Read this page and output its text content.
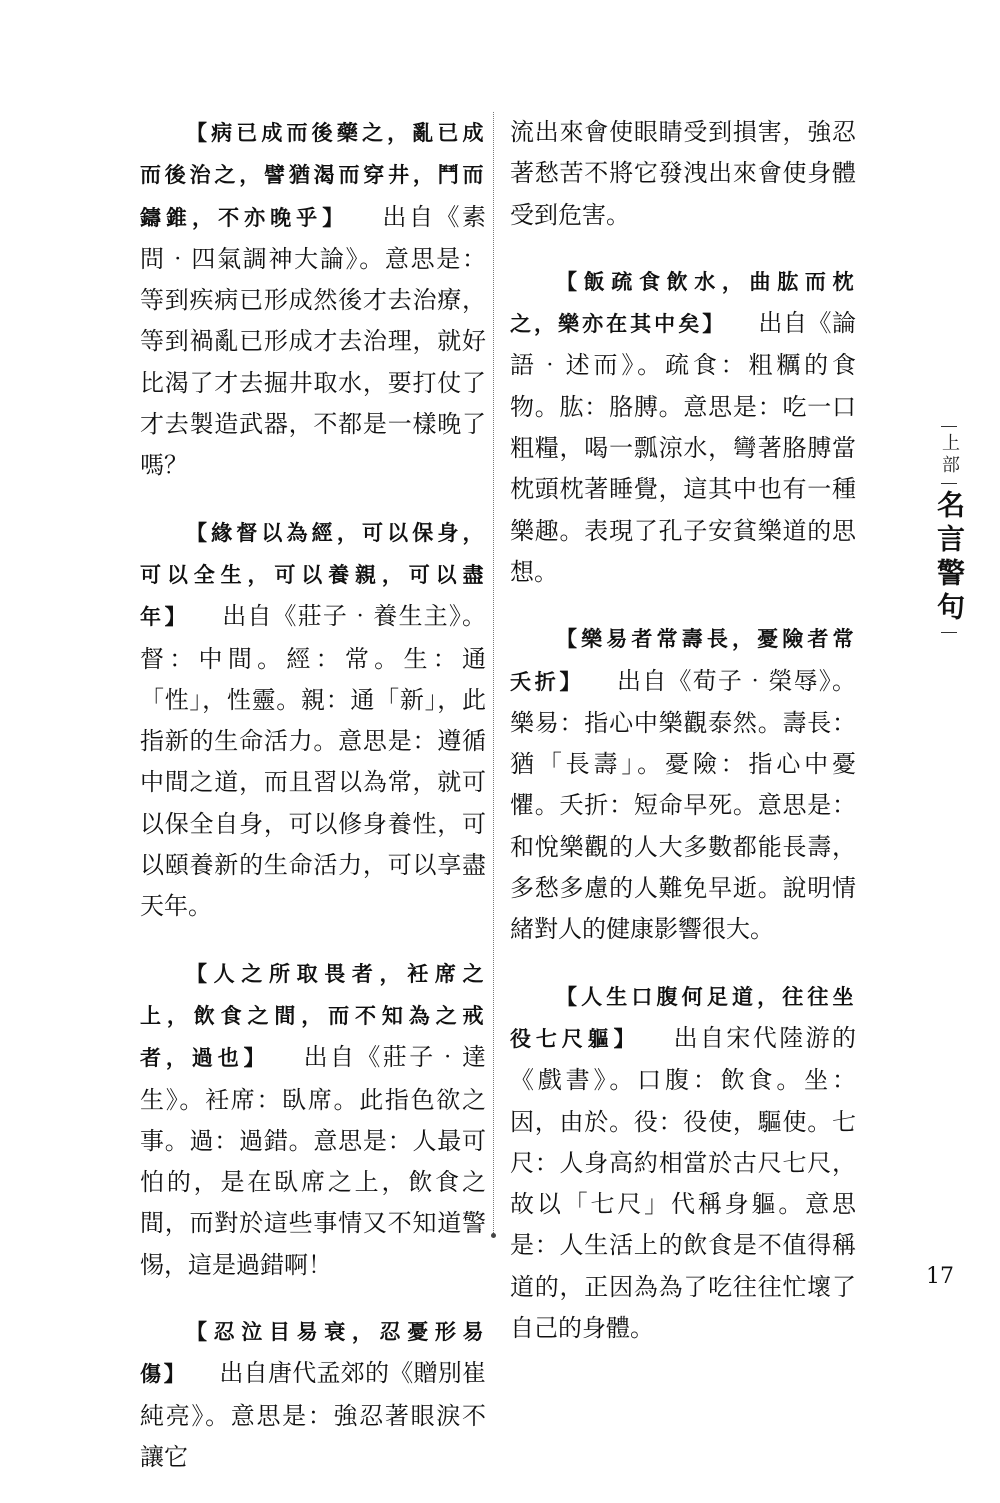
【病已成而後藥之，亂已成而後治之，譬猶渴而穿井，鬥而鑄錐，不亦晚乎】 出自《素問‧四氣調神大論》。意思是：等到疾病已形成然後才去治療，等到禍亂已形成才去治理，就好比渴了才去掘井取水，要打仗了才去製造武器，不都是一樣晚了嗎？

【緣督以為經，可以保身，可以全生，可以養親，可以盡年】 出自《莊子‧養生主》。督：中間。經：常。生：通「性」，性靈。親：通「新」，此指新的生命活力。意思是：遵循中間之道，而且習以為常，就可以保全自身，可以修身養性，可以頤養新的生命活力，可以享盡天年。

【人之所取畏者，衽席之上，飲食之間，而不知為之戒者，過也】 出自《莊子‧達生》。衽席：臥席。此指色欲之事。過：過錯。意思是：人最可怕的，是在臥席之上，飲食之間，而對於這些事情又不知道警惕，這是過錯啊！

【忍泣目易衰，忍憂形易傷】 出自唐代孟郊的《贈別崔純亮》。意思是：強忍著眼淚不讓它

流出來會使眼睛受到損害，強忍著愁苦不將它發洩出來會使身體受到危害。

【飯疏食飲水，曲肱而枕之，樂亦在其中矣】 出自《論語‧述而》。疏食：粗糲的食物。肱：胳膊。意思是：吃一口粗糧，喝一瓢涼水，彎著胳膊當枕頭枕著睡覺，這其中也有一種樂趣。表現了孔子安貧樂道的思想。

【樂易者常壽長，憂險者常夭折】 出自《荀子‧榮辱》。樂易：指心中樂觀泰然。壽長：猶「長壽」。憂險：指心中憂懼。夭折：短命早死。意思是：和悅樂觀的人大多數都能長壽，多愁多慮的人難免早逝。說明情緒對人的健康影響很大。

【人生口腹何足道，往往坐役七尺軀】 出自宋代陸游的《戲書》。口腹：飲食。坐：因，由於。役：役使，驅使。七尺：人身高約相當於古尺七尺，故以「七尺」代稱身軀。意思是：人生活上的飲食是不值得稱道的，正因為為了吃往往忙壞了自己的身體。

上部
名言警句
17
